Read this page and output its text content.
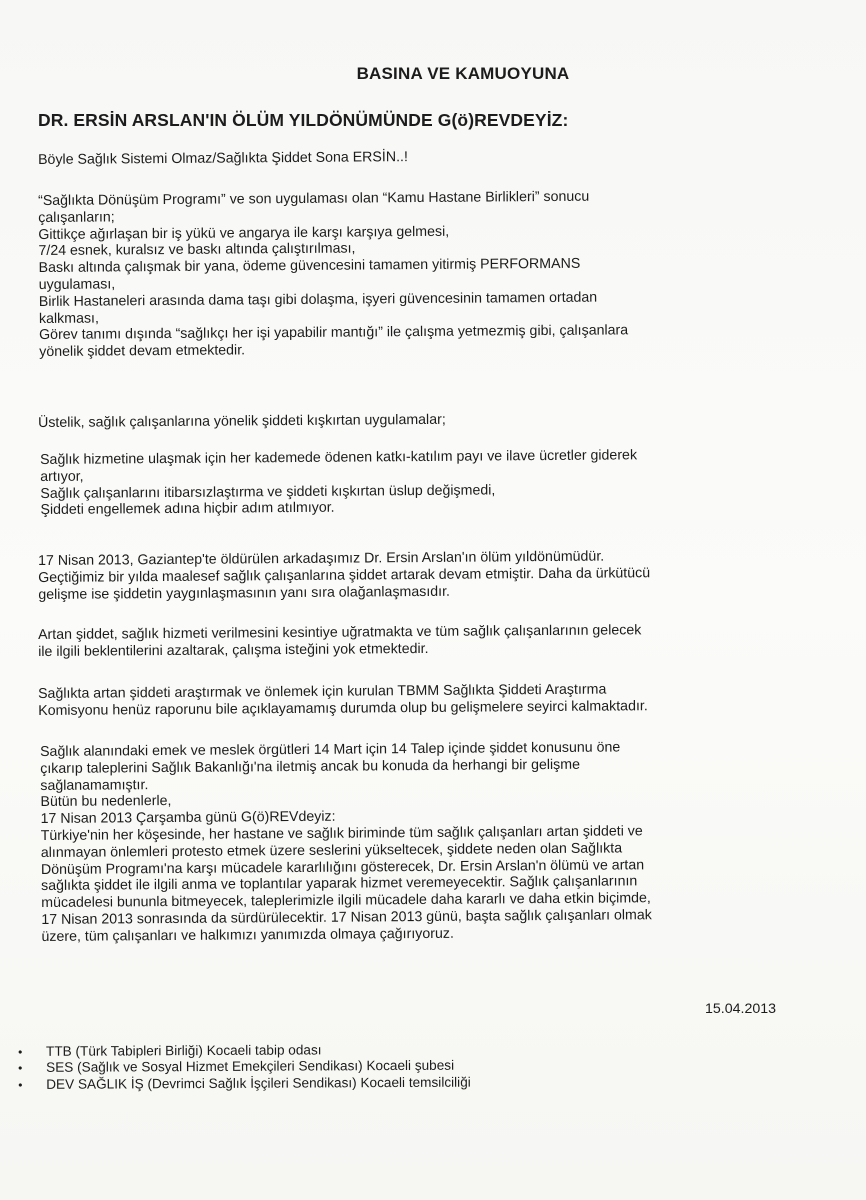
BASINA VE KAMUOYUNA
DR. ERSİN ARSLAN'IN ÖLÜM YILDÖNÜMÜNDE G(ö)REVDEYİZ:

Böyle Sağlık Sistemi Olmaz/Sağlıkta Şiddet Sona ERSİN..!

“Sağlıkta Dönüşüm Programı” ve son uygulaması olan “Kamu Hastane Birlikleri” sonucu

çalışanların;

Gittikçe ağırlaşan bir iş yükü ve angarya ile karşı karşıya gelmesi,

7/24 esnek, kuralsız ve baskı altında çalıştırılması,

Baskı altında çalışmak bir yana, ödeme güvencesini tamamen yitirmiş PERFORMANS

uygulaması,

Birlik Hastaneleri arasında dama taşı gibi dolaşma, işyeri güvencesinin tamamen ortadan

kalkması,

Görev tanımı dışında “sağlıkçı her işi yapabilir mantığı” ile çalışma yetmezmiş gibi, çalışanlara

yönelik şiddet devam etmektedir.

Üstelik, sağlık çalışanlarına yönelik şiddeti kışkırtan uygulamalar;

Sağlık hizmetine ulaşmak için her kademede ödenen katkı-katılım payı ve ilave ücretler giderek

artıyor,

Sağlık çalışanlarını itibarsızlaştırma ve şiddeti kışkırtan üslup değişmedi,

Şiddeti engellemek adına hiçbir adım atılmıyor.

17 Nisan 2013, Gaziantep'te öldürülen arkadaşımız Dr. Ersin Arslan'ın ölüm yıldönümüdür.

Geçtiğimiz bir yılda maalesef sağlık çalışanlarına şiddet artarak devam etmiştir. Daha da ürkütücü

gelişme ise şiddetin yaygınlaşmasının yanı sıra olağanlaşmasıdır.

Artan şiddet, sağlık hizmeti verilmesini kesintiye uğratmakta ve tüm sağlık çalışanlarının gelecek

ile ilgili beklentilerini azaltarak, çalışma isteğini yok etmektedir.

Sağlıkta artan şiddeti araştırmak ve önlemek için kurulan TBMM Sağlıkta Şiddeti Araştırma

Komisyonu henüz raporunu bile açıklayamamış durumda olup bu gelişmelere seyirci kalmaktadır.

Sağlık alanındaki emek ve meslek örgütleri 14 Mart için 14 Talep içinde şiddet konusunu öne

çıkarıp taleplerini Sağlık Bakanlığı'na iletmiş ancak bu konuda da herhangi bir gelişme

sağlanamamıştır.

Bütün bu nedenlerle,

17 Nisan 2013 Çarşamba günü G(ö)REVdeyiz:

Türkiye'nin her köşesinde, her hastane ve sağlık biriminde tüm sağlık çalışanları artan şiddeti ve

alınmayan önlemleri protesto etmek üzere seslerini yükseltecek, şiddete neden olan Sağlıkta

Dönüşüm Programı'na karşı mücadele kararlılığını gösterecek, Dr. Ersin Arslan'n ölümü ve artan

sağlıkta şiddet ile ilgili anma ve toplantılar yaparak hizmet veremeyecektir. Sağlık çalışanlarının

mücadelesi bununla bitmeyecek, taleplerimizle ilgili mücadele daha kararlı ve daha etkin biçimde,

17 Nisan 2013 sonrasında da sürdürülecektir. 17 Nisan 2013 günü, başta sağlık çalışanları olmak

üzere, tüm çalışanları ve halkımızı yanımızda olmaya çağırıyoruz.

15.04.2013
•	TTB (Türk Tabipleri Birliği) Kocaeli tabip odası
•	SES (Sağlık ve Sosyal Hizmet Emekçileri Sendikası) Kocaeli şubesi
•	DEV SAĞLIK İŞ (Devrimci Sağlık İşçileri Sendikası) Kocaeli temsilciliği
